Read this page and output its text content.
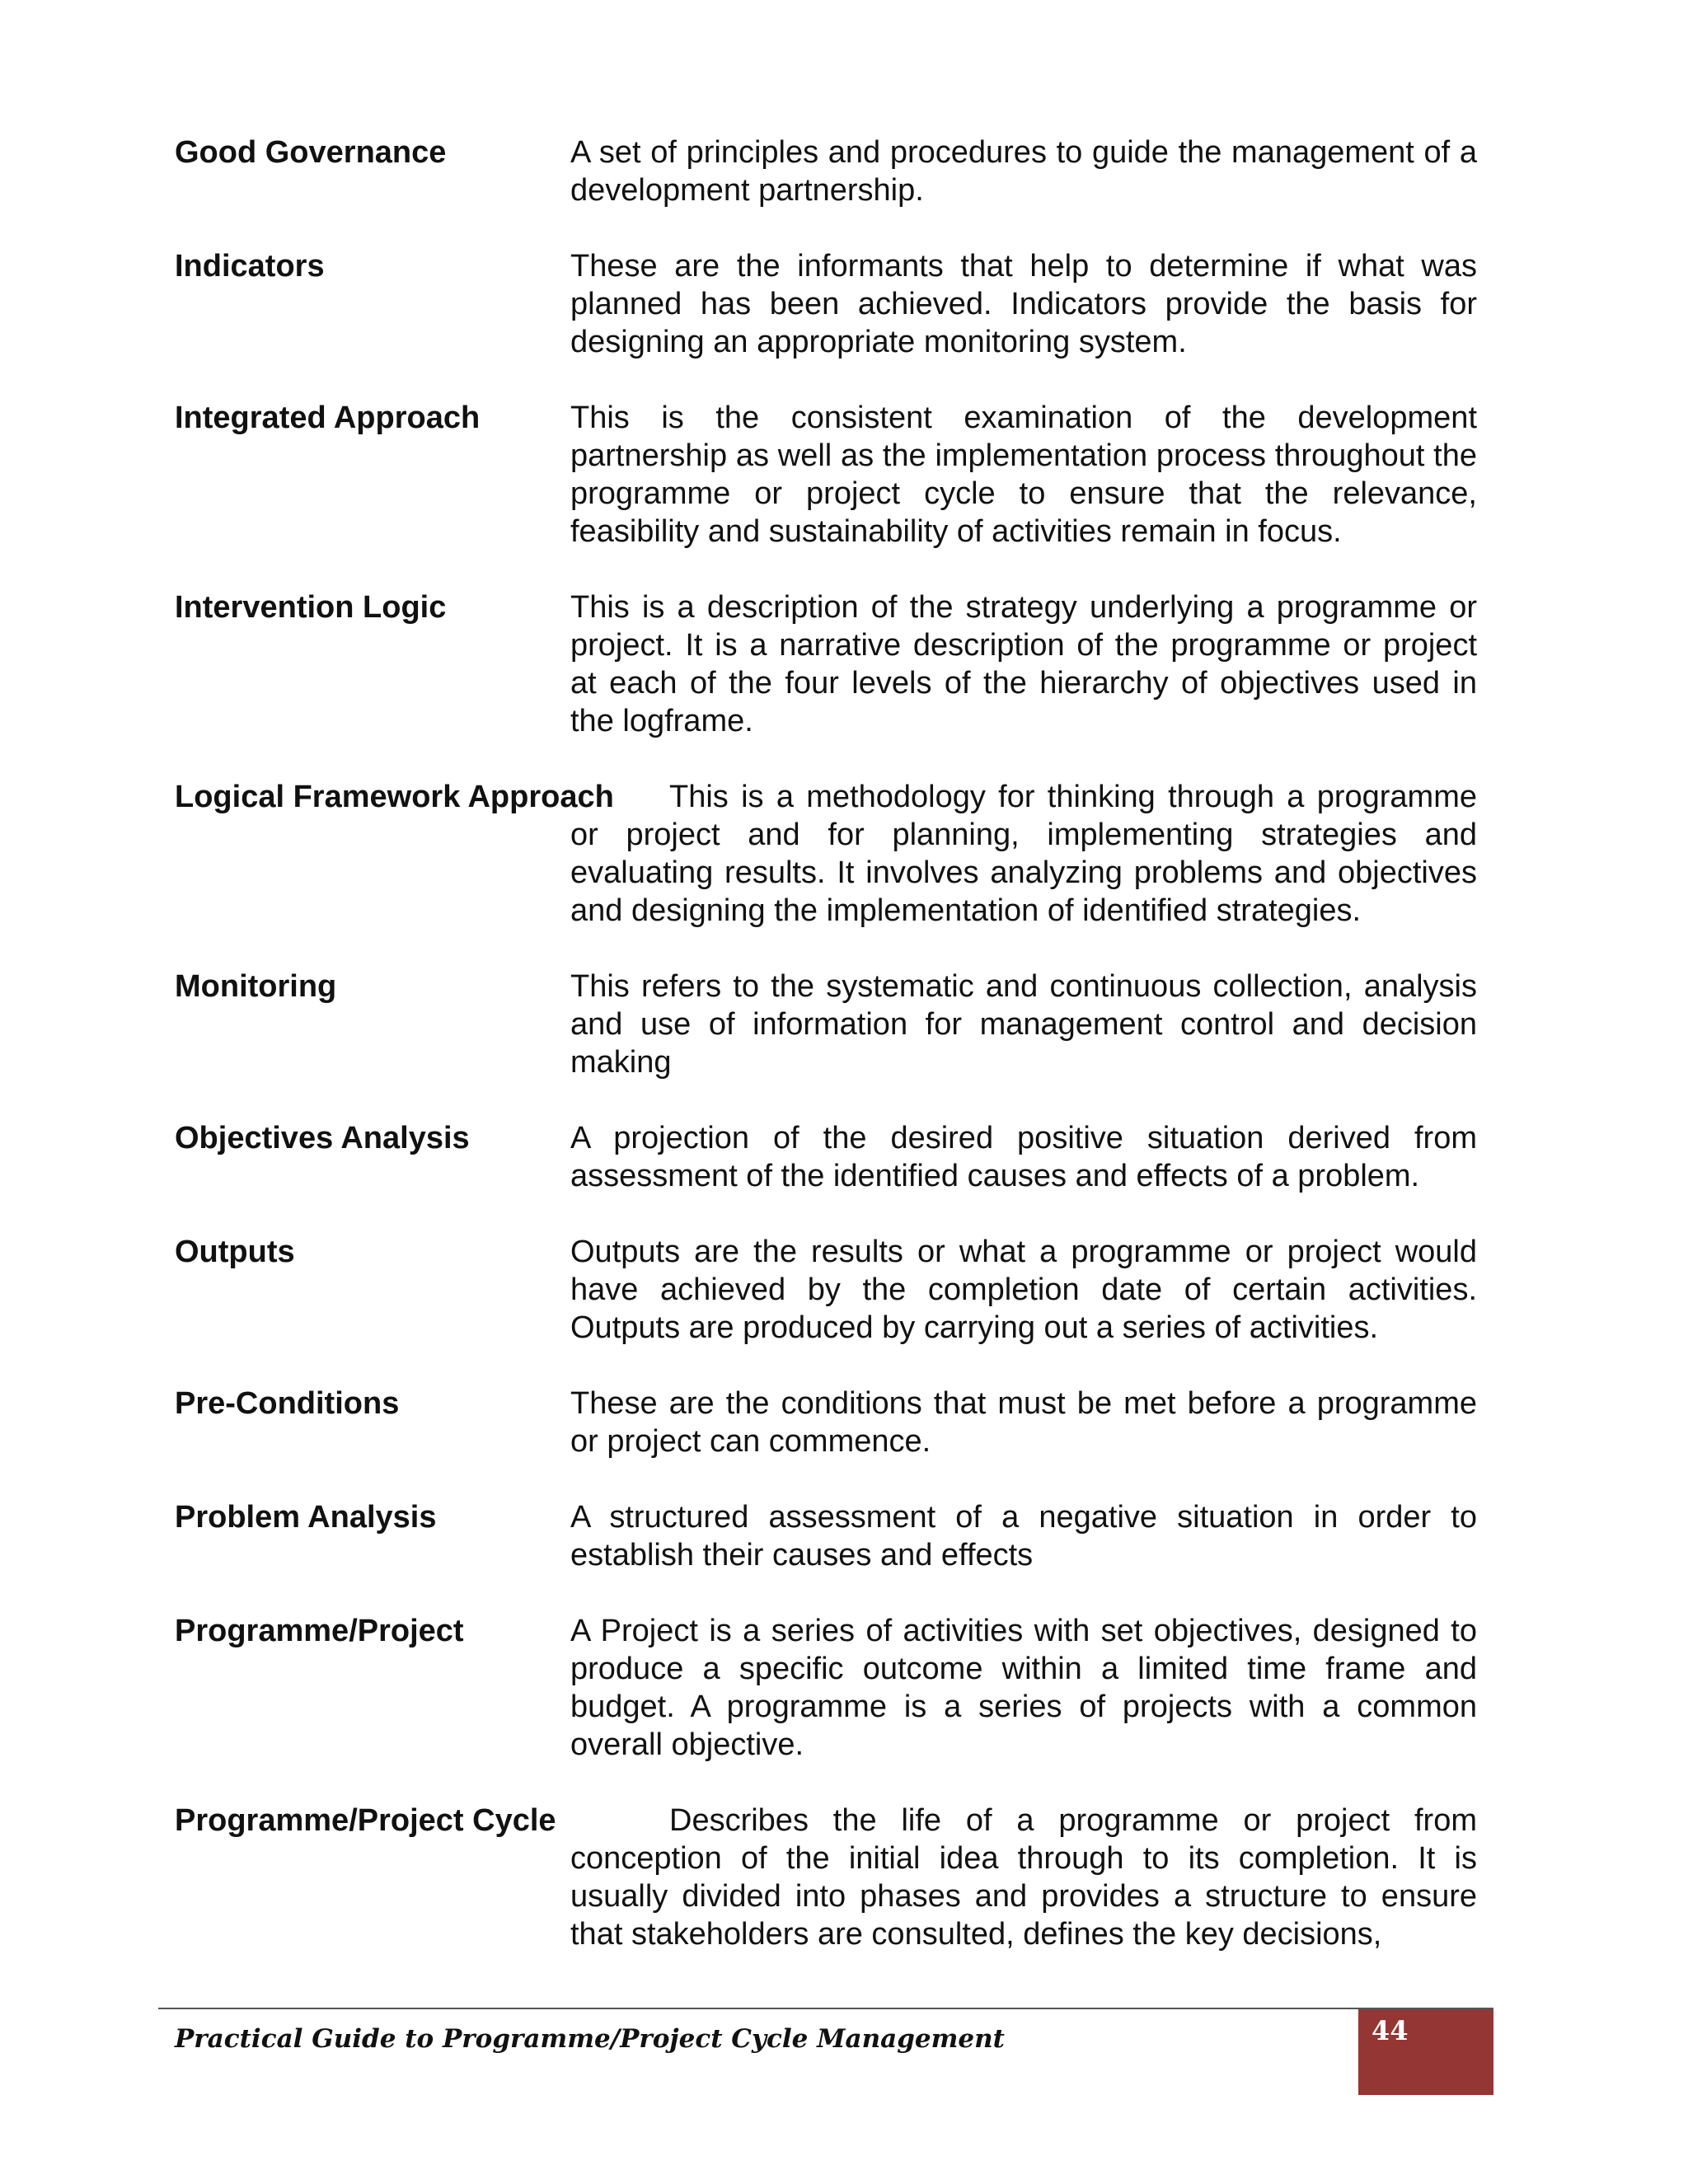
Good Governance	A set of principles and procedures to guide the management of a development partnership.
Indicators	These are the informants that help to determine if what was planned has been achieved. Indicators provide the basis for designing an appropriate monitoring system.
Integrated Approach	This is the consistent examination of the development partnership as well as the implementation process throughout the programme or project cycle to ensure that the relevance, feasibility and sustainability of activities remain in focus.
Intervention Logic	This is a description of the strategy underlying a programme or project. It is a narrative description of the programme or project at each of the four levels of the hierarchy of objectives used in the logframe.
Logical Framework Approach	This is a methodology for thinking through a programme or project and for planning, implementing strategies and evaluating results. It involves analyzing problems and objectives and designing the implementation of identified strategies.
Monitoring	This refers to the systematic and continuous collection, analysis and use of information for management control and decision making
Objectives Analysis	A projection of the desired positive situation derived from assessment of the identified causes and effects of a problem.
Outputs	Outputs are the results or what a programme or project would have achieved by the completion date of certain activities. Outputs are produced by carrying out a series of activities.
Pre-Conditions	These are the conditions that must be met before a programme or project can commence.
Problem Analysis	A structured assessment of a negative situation in order to establish their causes and effects
Programme/Project	A Project is a series of activities with set objectives, designed to produce a specific outcome within a limited time frame and budget. A programme is a series of projects with a common overall objective.
Programme/Project Cycle	Describes the life of a programme or project from conception of the initial idea through to its completion. It is usually divided into phases and provides a structure to ensure that stakeholders are consulted, defines the key decisions,
Practical Guide to Programme/Project Cycle Management	44
